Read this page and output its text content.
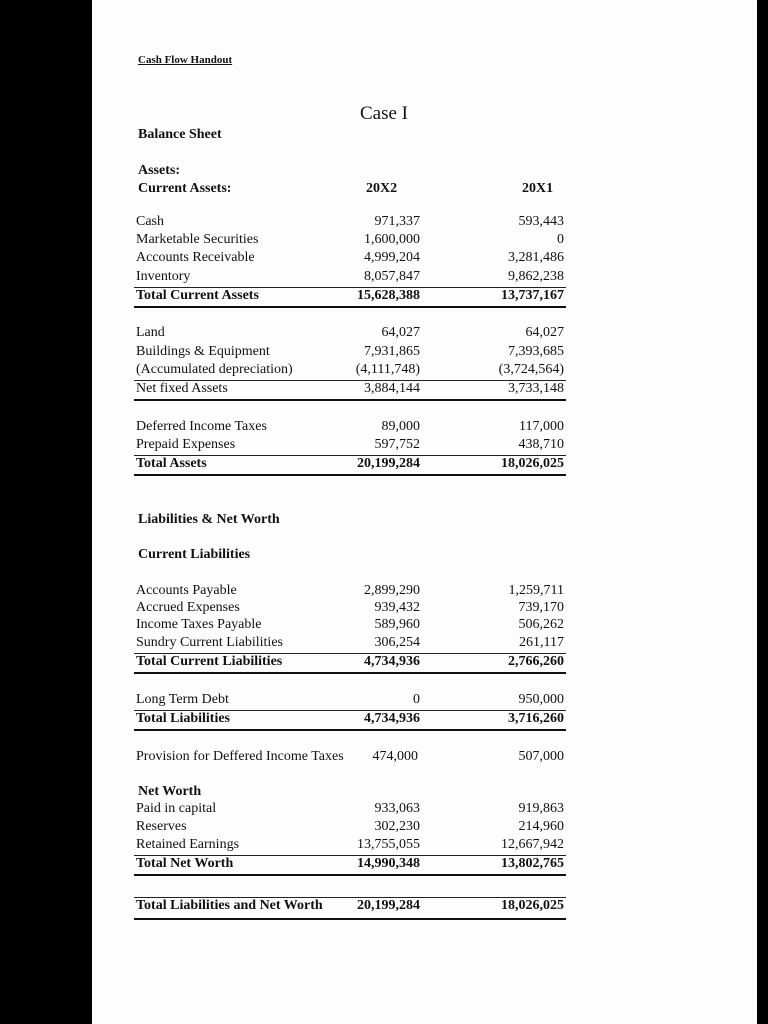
Cash Flow Handout
Case I
Balance Sheet
Assets:
Current Assets:	20X2	20X1
Liabilities & Net Worth
Current Liabilities
Net Worth
Cash	971,337	593,443
Marketable Securities	1,600,000	0
Accounts Receivable	4,999,204	3,281,486
Inventory	8,057,847	9,862,238
Total Current Assets	15,628,388	13,737,167
Land	64,027	64,027
Buildings & Equipment	7,931,865	7,393,685
(Accumulated depreciation)	(4,111,748)	(3,724,564)
Net fixed Assets	3,884,144	3,733,148
Deferred Income Taxes	89,000	117,000
Prepaid Expenses	597,752	438,710
Total Assets	20,199,284	18,026,025
Accounts Payable	2,899,290	1,259,711
Accrued Expenses	939,432	739,170
Income Taxes Payable	589,960	506,262
Sundry Current Liabilities	306,254	261,117
Total Current Liabilities	4,734,936	2,766,260
Long Term Debt	0	950,000
Total Liabilities	4,734,936	3,716,260
Provision for Deffered Income Taxes 474,000	507,000
Paid in capital	933,063	919,863
Reserves	302,230	214,960
Retained Earnings	13,755,055	12,667,942
Total Net Worth	14,990,348	13,802,765
Total Liabilities and Net Worth 20,199,284	18,026,025
